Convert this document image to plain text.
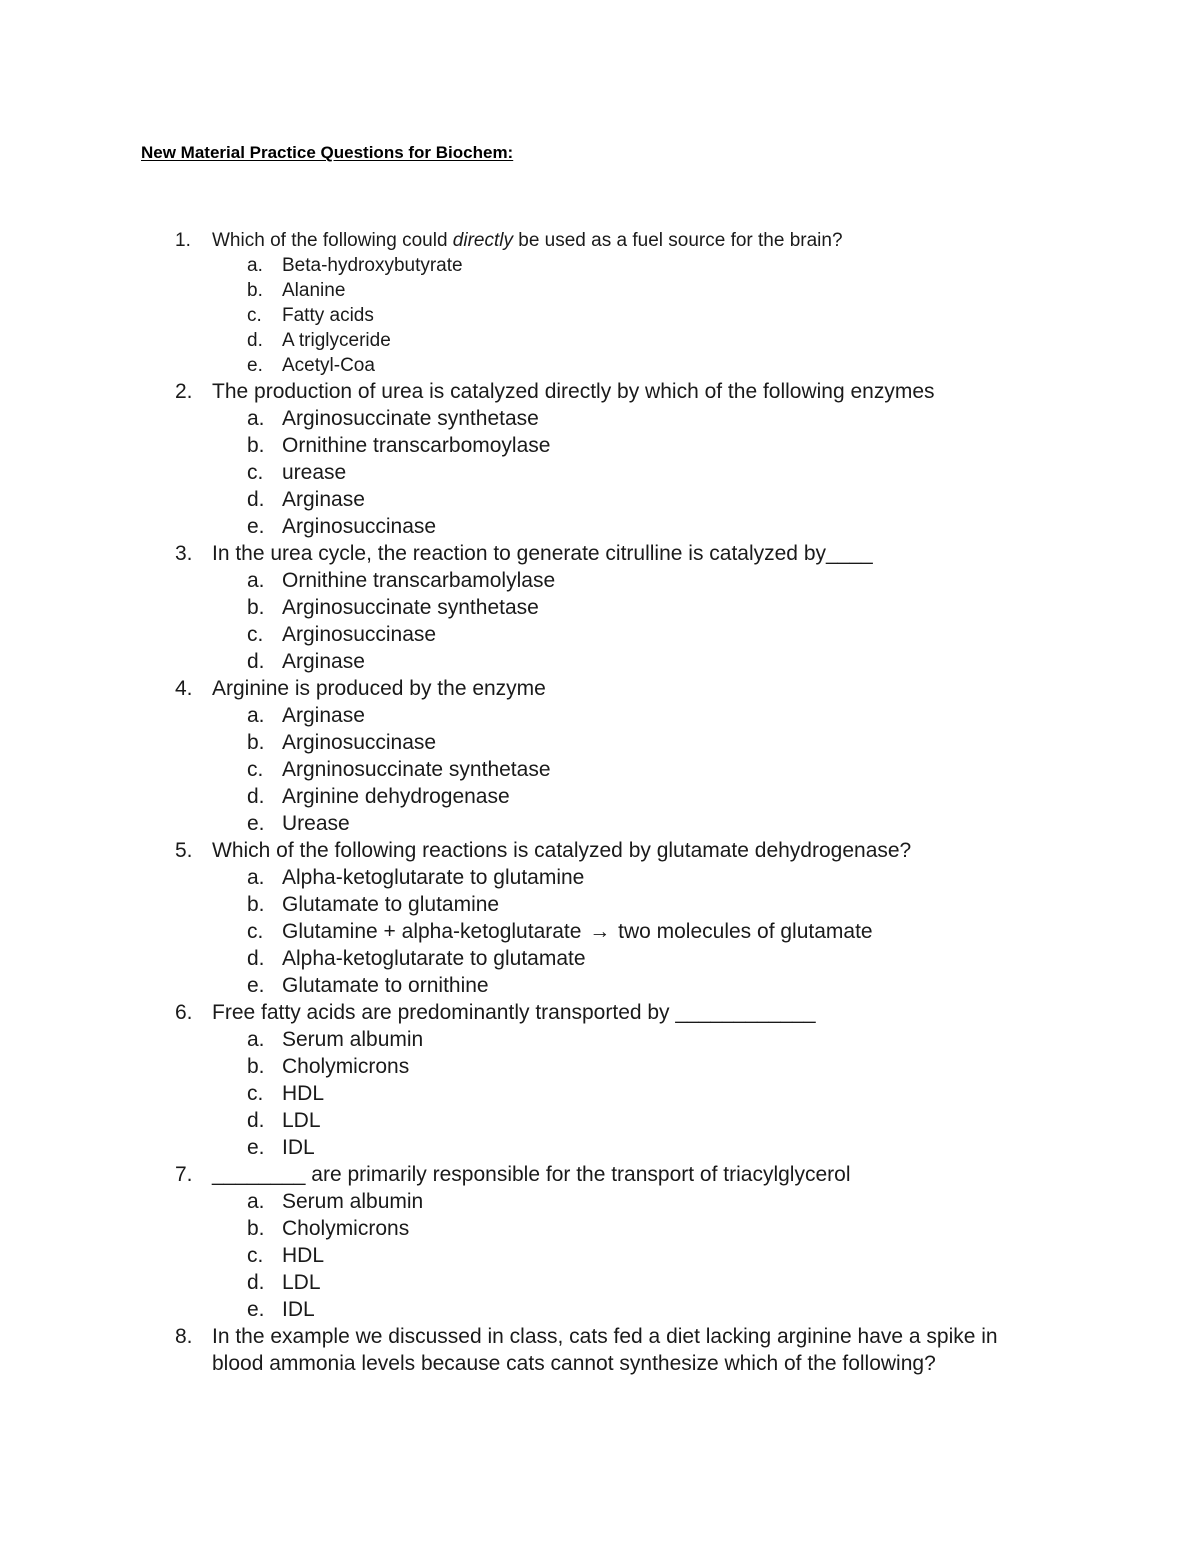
New Material Practice Questions for Biochem:
1. Which of the following could directly be used as a fuel source for the brain?
a. Beta-hydroxybutyrate
b. Alanine
c. Fatty acids
d. A triglyceride
e. Acetyl-Coa
2. The production of urea is catalyzed directly by which of the following enzymes
a. Arginosuccinate synthetase
b. Ornithine transcarbomoylase
c. urease
d. Arginase
e. Arginosuccinase
3. In the urea cycle, the reaction to generate citrulline is catalyzed by____
a. Ornithine transcarbamolylase
b. Arginosuccinate synthetase
c. Arginosuccinase
d. Arginase
4. Arginine is produced by the enzyme
a. Arginase
b. Arginosuccinase
c. Argninosuccinate synthetase
d. Arginine dehydrogenase
e. Urease
5. Which of the following reactions is catalyzed by glutamate dehydrogenase?
a. Alpha-ketoglutarate to glutamine
b. Glutamate to glutamine
c. Glutamine + alpha-ketoglutarate → two molecules of glutamate
d. Alpha-ketoglutarate to glutamate
e. Glutamate to ornithine
6. Free fatty acids are predominantly transported by ____________
a. Serum albumin
b. Cholymicrons
c. HDL
d. LDL
e. IDL
7. ________ are primarily responsible for the transport of triacylglycerol
a. Serum albumin
b. Cholymicrons
c. HDL
d. LDL
e. IDL
8. In the example we discussed in class, cats fed a diet lacking arginine have a spike in blood ammonia levels because cats cannot synthesize which of the following?
